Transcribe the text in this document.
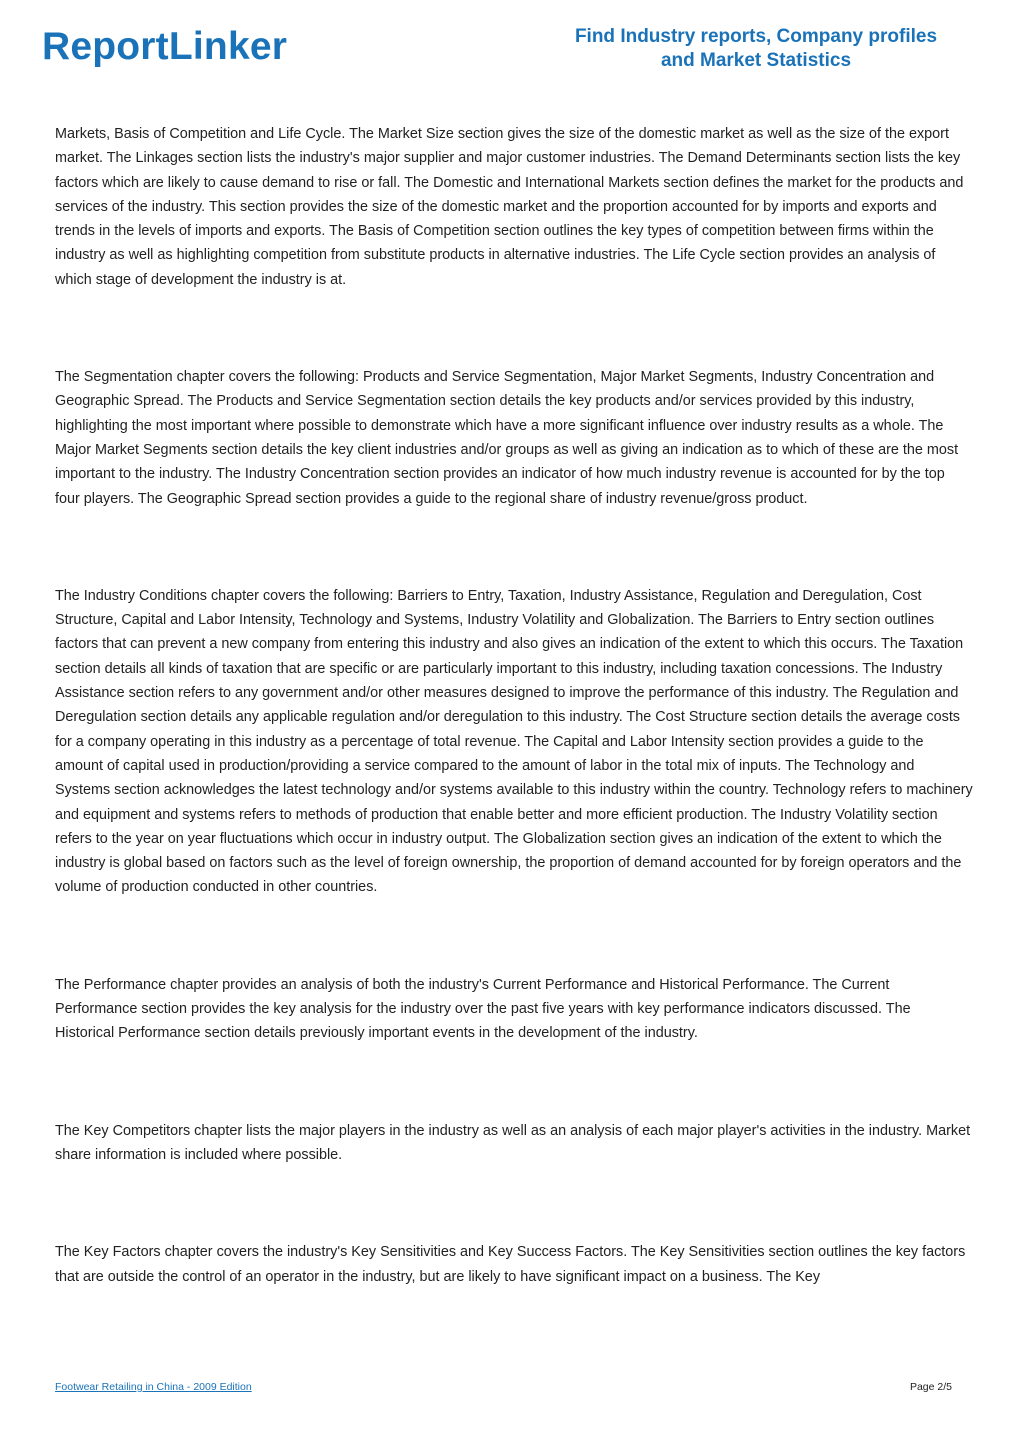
ReportLinker	Find Industry reports, Company profiles
and Market Statistics

Markets, Basis of Competition and Life Cycle. The Market Size section gives the size of the domestic market as well as the size of the export market. The Linkages section lists the industry's major supplier and major customer industries. The Demand Determinants section lists the key factors which are likely to cause demand to rise or fall. The Domestic and International Markets section defines the market for the products and services of the industry. This section provides the size of the domestic market and the proportion accounted for by imports and exports and trends in the levels of imports and exports. The Basis of Competition section outlines the key types of competition between firms within the industry as well as highlighting competition from substitute products in alternative industries. The Life Cycle section provides an analysis of which stage of development the industry is at.

The Segmentation chapter covers the following: Products and Service Segmentation, Major Market Segments, Industry Concentration and Geographic Spread. The Products and Service Segmentation section details the key products and/or services provided by this industry, highlighting the most important where possible to demonstrate which have a more significant influence over industry results as a whole. The Major Market Segments section details the key client industries and/or groups as well as giving an indication as to which of these are the most important to the industry. The Industry Concentration section provides an indicator of how much industry revenue is accounted for by the top four players. The Geographic Spread section provides a guide to the regional share of industry revenue/gross product.

The Industry Conditions chapter covers the following: Barriers to Entry, Taxation, Industry Assistance, Regulation and Deregulation, Cost Structure, Capital and Labor Intensity, Technology and Systems, Industry Volatility and Globalization. The Barriers to Entry section outlines factors that can prevent a new company from entering this industry and also gives an indication of the extent to which this occurs. The Taxation section details all kinds of taxation that are specific or are particularly important to this industry, including taxation concessions. The Industry Assistance section refers to any government and/or other measures designed to improve the performance of this industry. The Regulation and Deregulation section details any applicable regulation and/or deregulation to this industry. The Cost Structure section details the average costs for a company operating in this industry as a percentage of total revenue. The Capital and Labor Intensity section provides a guide to the amount of capital used in production/providing a service compared to the amount of labor in the total mix of inputs. The Technology and Systems section acknowledges the latest technology and/or systems available to this industry within the country. Technology refers to machinery and equipment and systems refers to methods of production that enable better and more efficient production. The Industry Volatility section refers to the year on year fluctuations which occur in industry output. The Globalization section gives an indication of the extent to which the industry is global based on factors such as the level of foreign ownership, the proportion of demand accounted for by foreign operators and the volume of production conducted in other countries.

The Performance chapter provides an analysis of both the industry's Current Performance and Historical Performance. The Current Performance section provides the key analysis for the industry over the past five years with key performance indicators discussed. The Historical Performance section details previously important events in the development of the industry.

The Key Competitors chapter lists the major players in the industry as well as an analysis of each major player's activities in the industry. Market share information is included where possible.

The Key Factors chapter covers the industry's Key Sensitivities and Key Success Factors. The Key Sensitivities section outlines the key factors that are outside the control of an operator in the industry, but are likely to have significant impact on a business. The Key

Footwear Retailing in China - 2009 Edition	Page 2/5
